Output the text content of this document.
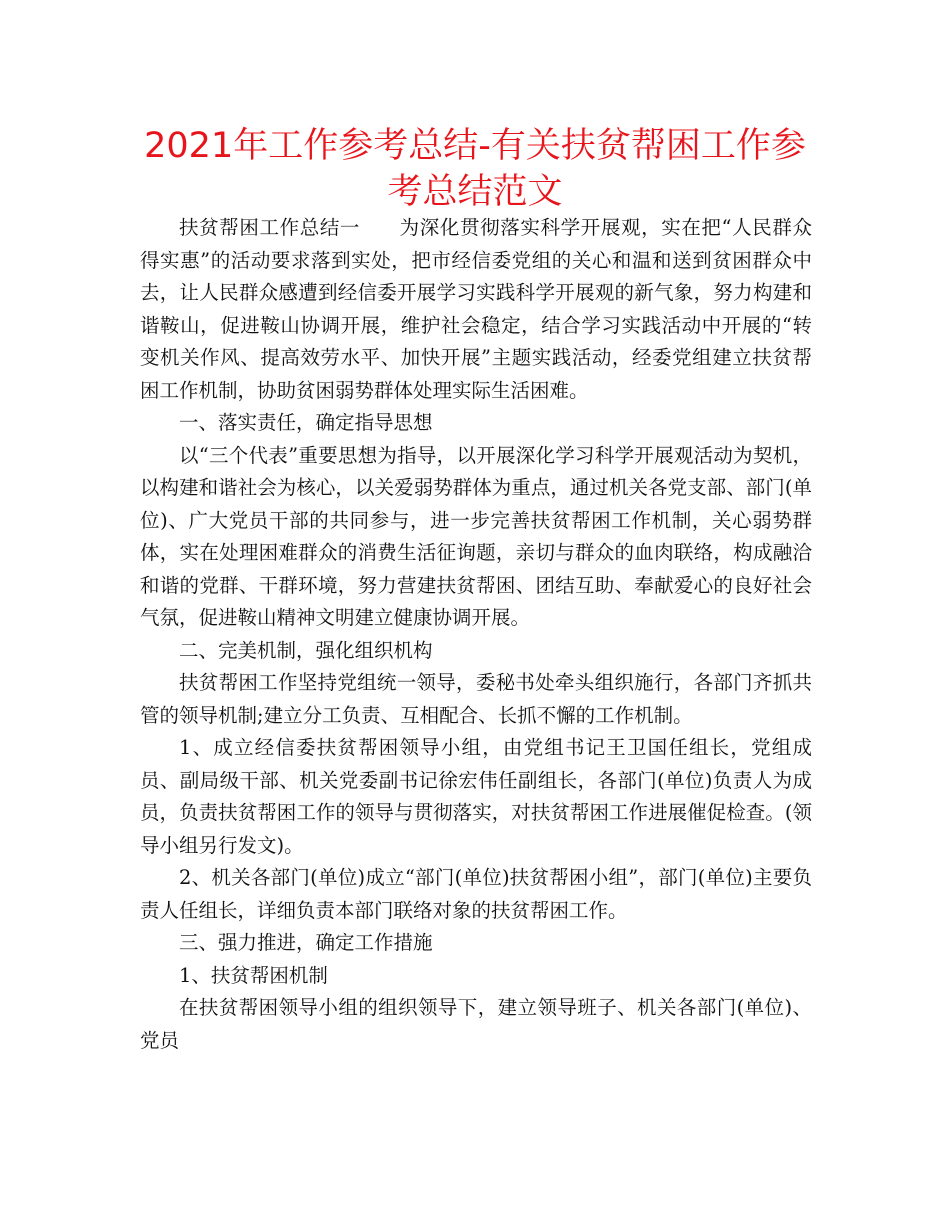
2021年工作参考总结-有关扶贫帮困工作参考总结范文

扶贫帮困工作总结一 为深化贯彻落实科学开展观，实在把“人民群众得实惠”的活动要求落到实处，把市经信委党组的关心和温和送到贫困群众中去，让人民群众感遭到经信委开展学习实践科学开展观的新气象，努力构建和谐鞍山，促进鞍山协调开展，维护社会稳定，结合学习实践活动中开展的“转变机关作风、提高效劳水平、加快开展”主题实践活动，经委党组建立扶贫帮困工作机制，协助贫困弱势群体处理实际生活困难。

一、落实责任，确定指导思想

以“三个代表”重要思想为指导，以开展深化学习科学开展观活动为契机，以构建和谐社会为核心，以关爱弱势群体为重点，通过机关各党支部、部门(单位)、广大党员干部的共同参与，进一步完善扶贫帮困工作机制，关心弱势群体，实在处理困难群众的消费生活征询题，亲切与群众的血肉联络，构成融洽和谐的党群、干群环境，努力营建扶贫帮困、团结互助、奉献爱心的良好社会气氛，促进鞍山精神文明建立健康协调开展。

二、完美机制，强化组织机构

扶贫帮困工作坚持党组统一领导，委秘书处牵头组织施行，各部门齐抓共管的领导机制;建立分工负责、互相配合、长抓不懈的工作机制。

1、成立经信委扶贫帮困领导小组，由党组书记王卫国任组长，党组成员、副局级干部、机关党委副书记徐宏伟任副组长，各部门(单位)负责人为成员，负责扶贫帮困工作的领导与贯彻落实，对扶贫帮困工作进展催促检查。(领导小组另行发文)。

2、机关各部门(单位)成立“部门(单位)扶贫帮困小组”，部门(单位)主要负责人任组长，详细负责本部门联络对象的扶贫帮困工作。

三、强力推进，确定工作措施

1、扶贫帮困机制

在扶贫帮困领导小组的组织领导下，建立领导班子、机关各部门(单位)、党员
